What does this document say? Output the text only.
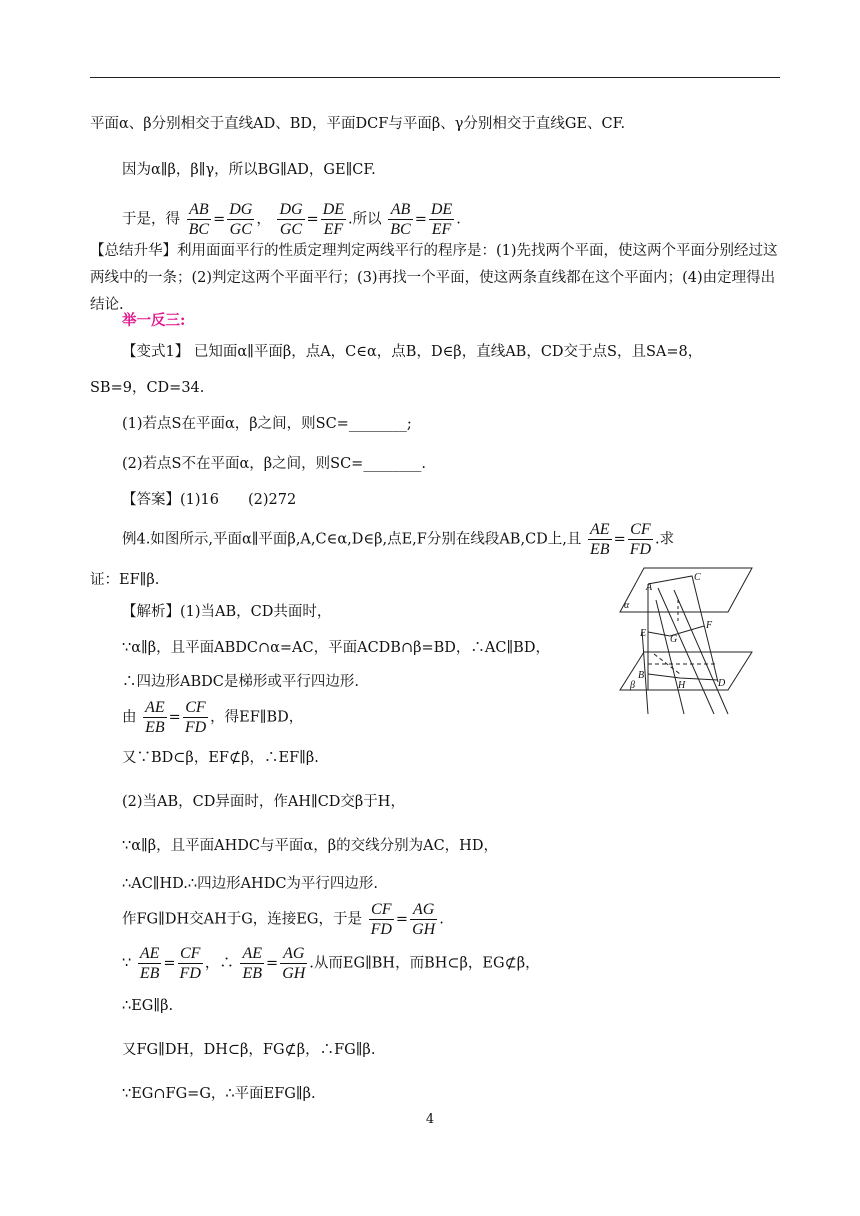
平面α、β分别相交于直线AD、BD，平面DCF与平面β、γ分别相交于直线GE、CF.
因为α∥β，β∥γ，所以BG∥AD，GE∥CF.
于是，得 $\frac{AB}{BC} = \frac{DG}{GC}$ ， $\frac{DG}{GC} = \frac{DE}{EF}$ .所以 $\frac{AB}{BC} = \frac{DE}{EF}$ .
【总结升华】利用面面平行的性质定理判定两线平行的程序是：(1)先找两个平面，使这两个平面分别经过这两线中的一条；(2)判定这两个平面平行；(3)再找一个平面，使这两条直线都在这个平面内；(4)由定理得出结论.
举一反三:
【变式1】 已知面α∥平面β，点A，C∈α，点B，D∈β，直线AB，CD交于点S，且SA=8，
SB=9，CD=34.
(1)若点S在平面α，β之间，则SC=________;
(2)若点S不在平面α，β之间，则SC=________.
【答案】(1)16　　(2)272
例4.如图所示,平面α∥平面β,A,C∈α,D∈β,点E,F分别在线段AB,CD上,且 $\frac{AE}{EB} = \frac{CF}{FD}$ .求
证：EF∥β.
【解析】(1)当AB，CD共面时，
∵α∥β，且平面ABDC∩α=AC，平面ACDB∩β=BD，∴AC∥BD，
∴四边形ABDC是梯形或平行四边形.
由 $\frac{AE}{EB} = \frac{CF}{FD}$ ，得EF∥BD，
又∵BD⊂β，EF⊄β，∴EF∥β.
(2)当AB，CD异面时，作AH∥CD交β于H，
∵α∥β，且平面AHDC与平面α，β的交线分别为AC，HD，
∴AC∥HD.∴四边形AHDC为平行四边形.
作FG∥DH交AH于G，连接EG，于是 $\frac{CF}{FD} = \frac{AG}{GH}$ .
∵ $\frac{AE}{EB} = \frac{CF}{FD}$ ，∴ $\frac{AE}{EB} = \frac{AG}{GH}$ .从而EG∥BH，而BH⊂β，EG⊄β，
∴EG∥β.
又FG∥DH，DH⊂β，FG⊄β，∴FG∥β.
∵EG∩FG=G，∴平面EFG∥β.
A
C
α
E
G
F
B
β	H	D
4
